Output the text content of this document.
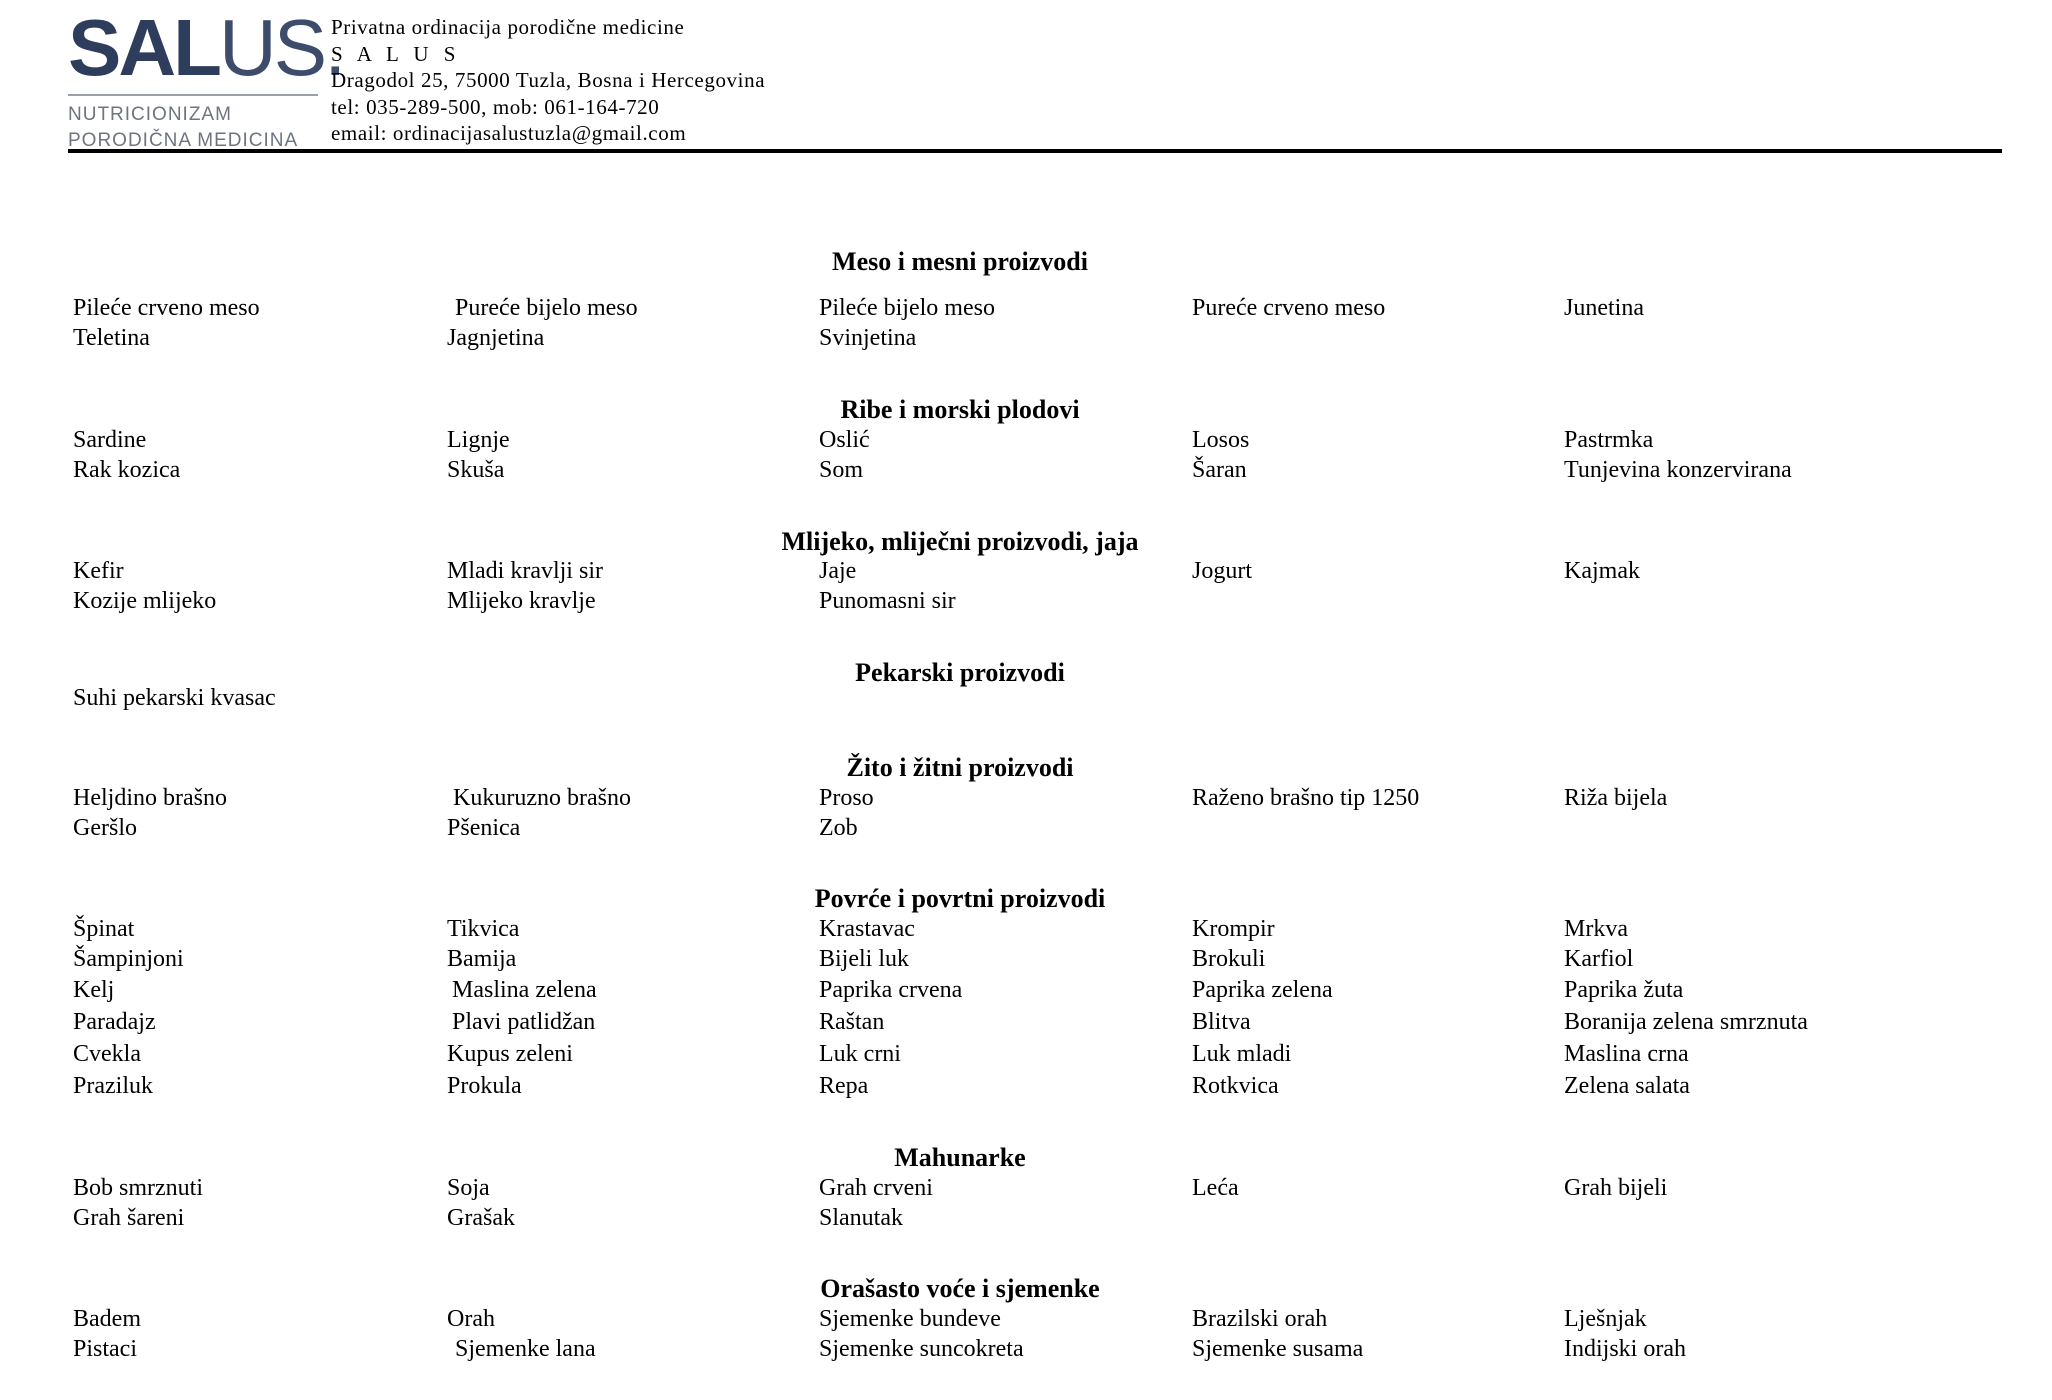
SALUS.
NUTRICIONIZAM
PORODIČNA MEDICINA
Privatna ordinacija porodične medicine
S A L U S
Dragodol 25, 75000 Tuzla, Bosna i Hercegovina
tel: 035-289-500, mob: 061-164-720
email: ordinacijasalustuzla@gmail.com
Meso i mesni proizvodi
Pileće crveno meso	Pureće bijelo meso	Pileće bijelo meso	Pureće crveno meso	Junetina
Teletina	Jagnjetina	Svinjetina
Ribe i morski plodovi
Sardine	Lignje	Oslić	Losos	Pastrmka
Rak kozica	Skuša	Som	Šaran	Tunjevina konzervirana
Mlijeko, mliječni proizvodi, jaja
Kefir	Mladi kravlji sir	Jaje	Jogurt	Kajmak
Kozije mlijeko	Mlijeko kravlje	Punomasni sir
Pekarski proizvodi
Suhi pekarski kvasac
Žito i žitni proizvodi
Heljdino brašno	Kukuruzno brašno	Proso	Raženo brašno tip 1250	Riža bijela
Geršlo	Pšenica	Zob
Povrće i povrtni proizvodi
Špinat	Tikvica	Krastavac	Krompir	Mrkva
Šampinjoni	Bamija	Bijeli luk	Brokuli	Karfiol
Kelj	Maslina zelena	Paprika crvena	Paprika zelena	Paprika žuta
Paradajz	Plavi patlidžan	Raštan	Blitva	Boranija zelena smrznuta
Cvekla	Kupus zeleni	Luk crni	Luk mladi	Maslina crna
Praziluk	Prokula	Repa	Rotkvica	Zelena salata
Mahunarke
Bob smrznuti	Soja	Grah crveni	Leća	Grah bijeli
Grah šareni	Grašak	Slanutak
Orašasto voće i sjemenke
Badem	Orah	Sjemenke bundeve	Brazilski orah	Lješnjak
Pistaci	Sjemenke lana	Sjemenke suncokreta	Sjemenke susama	Indijski orah
